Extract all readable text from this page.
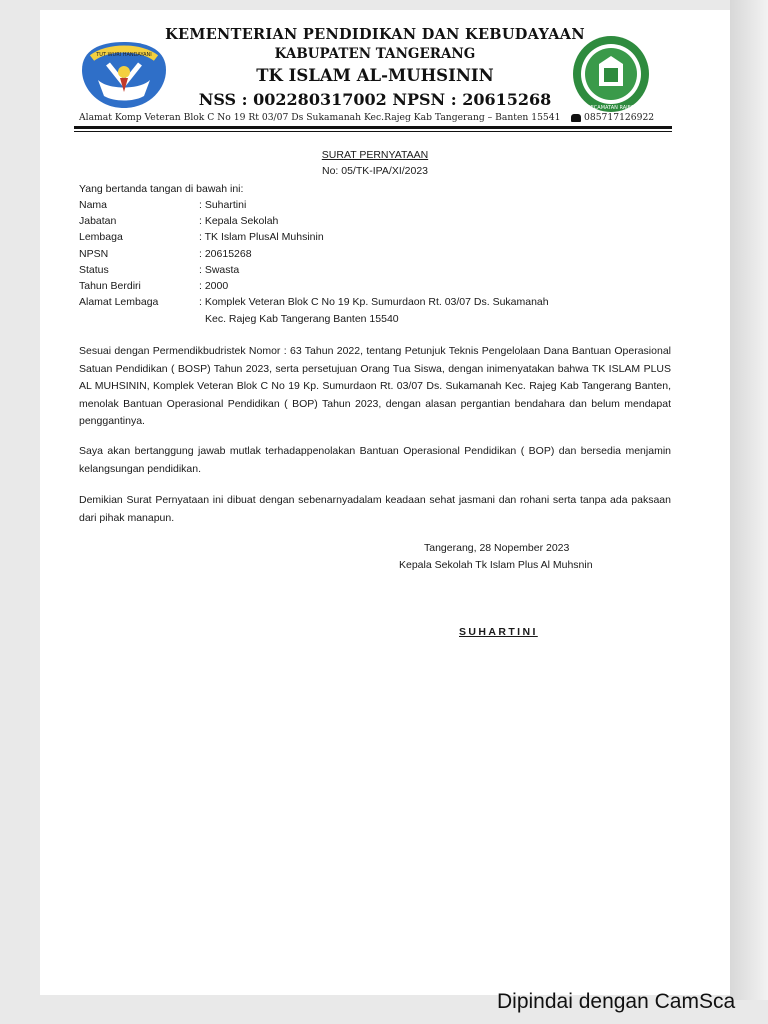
TUT WURI HANDAYANI
KECAMATAN RAJEG
KEMENTERIAN PENDIDIKAN DAN KEBUDAYAAN
KABUPATEN TANGERANG
TK ISLAM AL-MUHSININ
NSS : 002280317002 NPSN : 20615268
Alamat Komp Veteran Blok C No 19 Rt 03/07 Ds Sukamanah Kec.Rajeg Kab Tangerang – Banten 15541	085717126922
SURAT PERNYATAAN
No: 05/TK-IPA/XI/2023
Yang bertanda tangan di bawah ini:
Nama	: Suhartini
Jabatan	: Kepala Sekolah
Lembaga	: TK Islam PlusAl Muhsinin
NPSN	: 20615268
Status	: Swasta
Tahun Berdiri	: 2000
Alamat Lembaga	: Komplek Veteran Blok C No 19 Kp. Sumurdaon Rt. 03/07 Ds. Sukamanah
Kec. Rajeg Kab Tangerang Banten 15540
Sesuai dengan Permendikbudristek Nomor : 63 Tahun 2022, tentang Petunjuk Teknis Pengelolaan Dana Bantuan Operasional Satuan Pendidikan ( BOSP) Tahun 2023, serta persetujuan Orang Tua Siswa, dengan inimenyatakan bahwa TK ISLAM PLUS AL MUHSININ, Komplek Veteran Blok C No 19 Kp. Sumurdaon Rt. 03/07 Ds. Sukamanah Kec. Rajeg Kab Tangerang Banten, menolak Bantuan Operasional Pendidikan ( BOP) Tahun 2023, dengan alasan pergantian bendahara dan belum mendapat penggantinya.
Saya akan bertanggung jawab mutlak terhadappenolakan Bantuan Operasional Pendidikan ( BOP) dan bersedia menjamin kelangsungan pendidikan.
Demikian Surat Pernyataan ini dibuat dengan sebenarnyadalam keadaan sehat jasmani dan rohani serta tanpa ada paksaan dari pihak manapun.
Tangerang, 28 Nopember 2023
Kepala Sekolah Tk Islam Plus Al Muhsnin
SUHARTINI
Dipindai dengan CamSca
